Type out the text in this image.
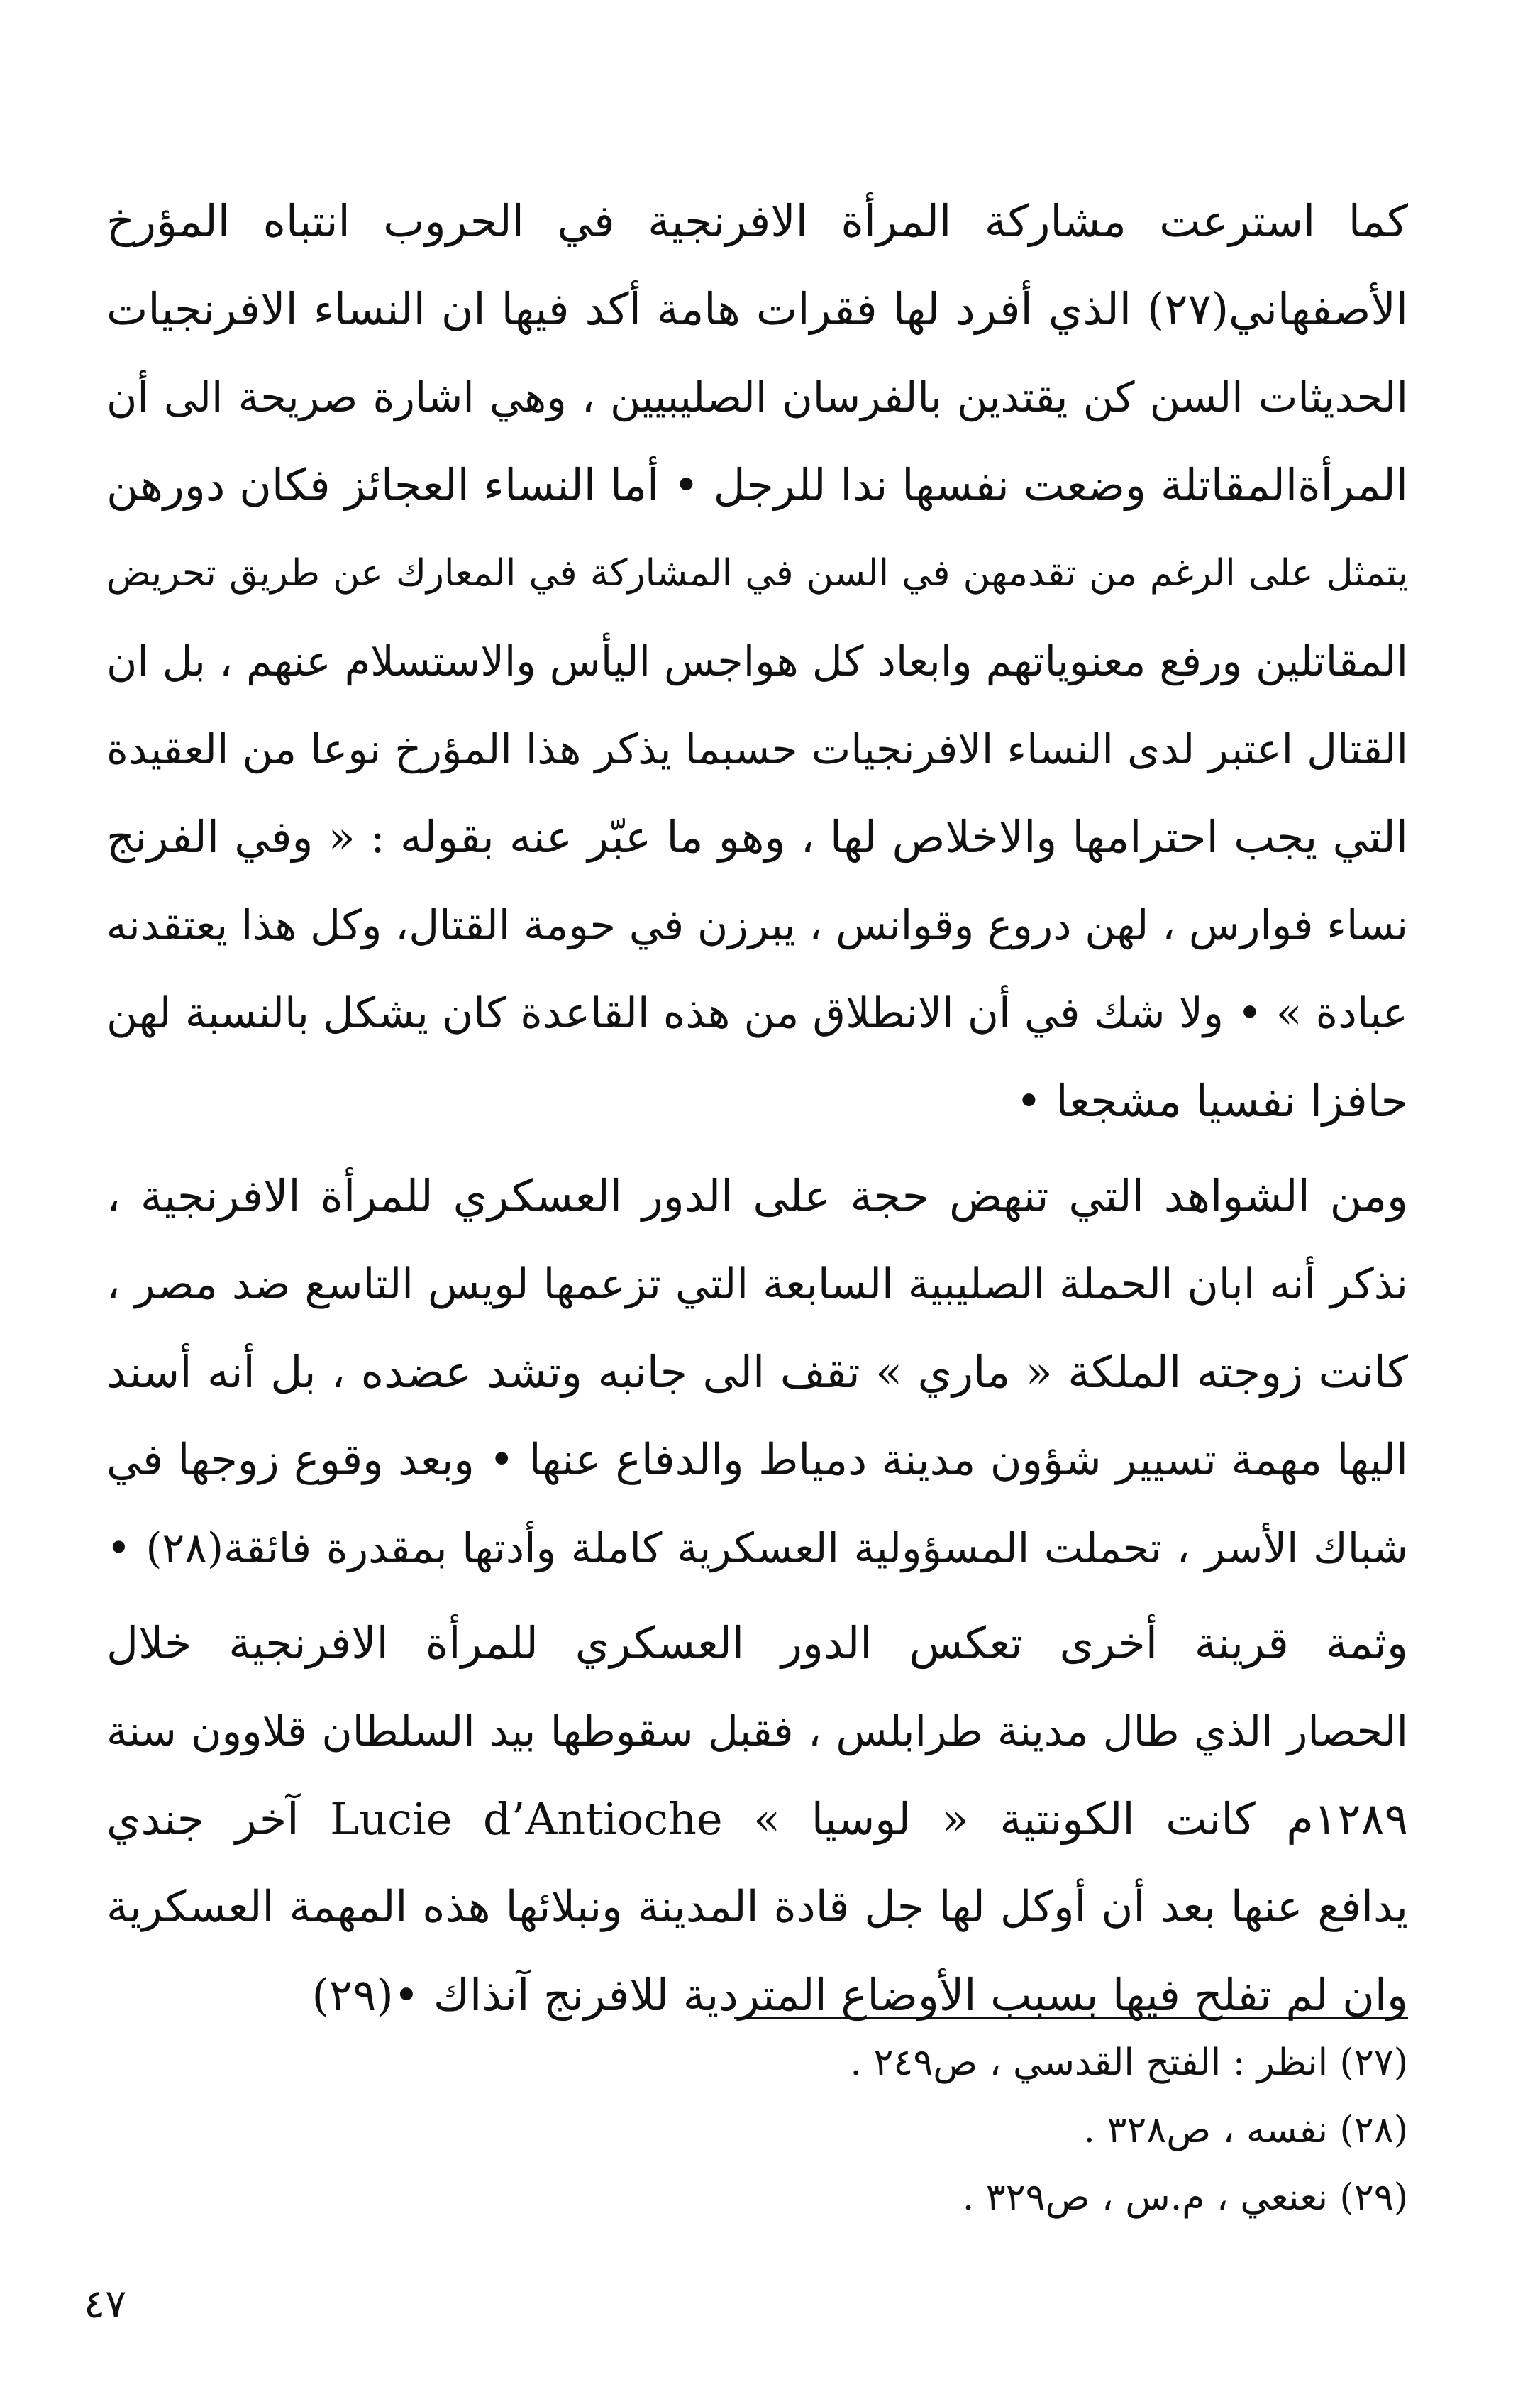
كما استرعت مشاركة المرأة الافرنجية في الحروب انتباه المؤرخ
الأصفهاني(٢٧) الذي أفرد لها فقرات هامة أكد فيها ان النساء الافرنجيات
الحديثات السن كن يقتدين بالفرسان الصليبيين ، وهي اشارة صريحة الى أن
المرأةالمقاتلة وضعت نفسها ندا للرجل • أما النساء العجائز فكان دورهن
يتمثل على الرغم من تقدمهن في السن في المشاركة في المعارك عن طريق تحريض
المقاتلين ورفع معنوياتهم وابعاد كل هواجس اليأس والاستسلام عنهم ، بل ان
القتال اعتبر لدى النساء الافرنجيات حسبما يذكر هذا المؤرخ نوعا من العقيدة
التي يجب احترامها والاخلاص لها ، وهو ما عبّر عنه بقوله : « وفي الفرنج
نساء فوارس ، لهن دروع وقوانس ، يبرزن في حومة القتال، وكل هذا يعتقدنه
عبادة » • ولا شك في أن الانطلاق من هذه القاعدة كان يشكل بالنسبة لهن
حافزا نفسيا مشجعا •

ومن الشواهد التي تنهض حجة على الدور العسكري للمرأة الافرنجية ،
نذكر أنه ابان الحملة الصليبية السابعة التي تزعمها لويس التاسع ضد مصر ،
كانت زوجته الملكة « ماري » تقف الى جانبه وتشد عضده ، بل أنه أسند
اليها مهمة تسيير شؤون مدينة دمياط والدفاع عنها • وبعد وقوع زوجها في
شباك الأسر ، تحملت المسؤولية العسكرية كاملة وأدتها بمقدرة فائقة(٢٨) •

وثمة قرينة أخرى تعكس الدور العسكري للمرأة الافرنجية خلال
الحصار الذي طال مدينة طرابلس ، فقبل سقوطها بيد السلطان قلاوون سنة
١٢٨٩م كانت الكونتية « لوسيا » Lucie d’Antioche آخر جندي
يدافع عنها بعد أن أوكل لها جل قادة المدينة ونبلائها هذه المهمة العسكرية
وان لم تفلح فيها بسبب الأوضاع المتردية للافرنج آنذاك •(٢٩)

(٢٧) انظر : الفتح القدسي ، ص٢٤٩ .
(٢٨) نفسه ، ص٣٢٨ .
(٢٩) نعنعي ، م.س ، ص٣٢٩ .
٤٧
